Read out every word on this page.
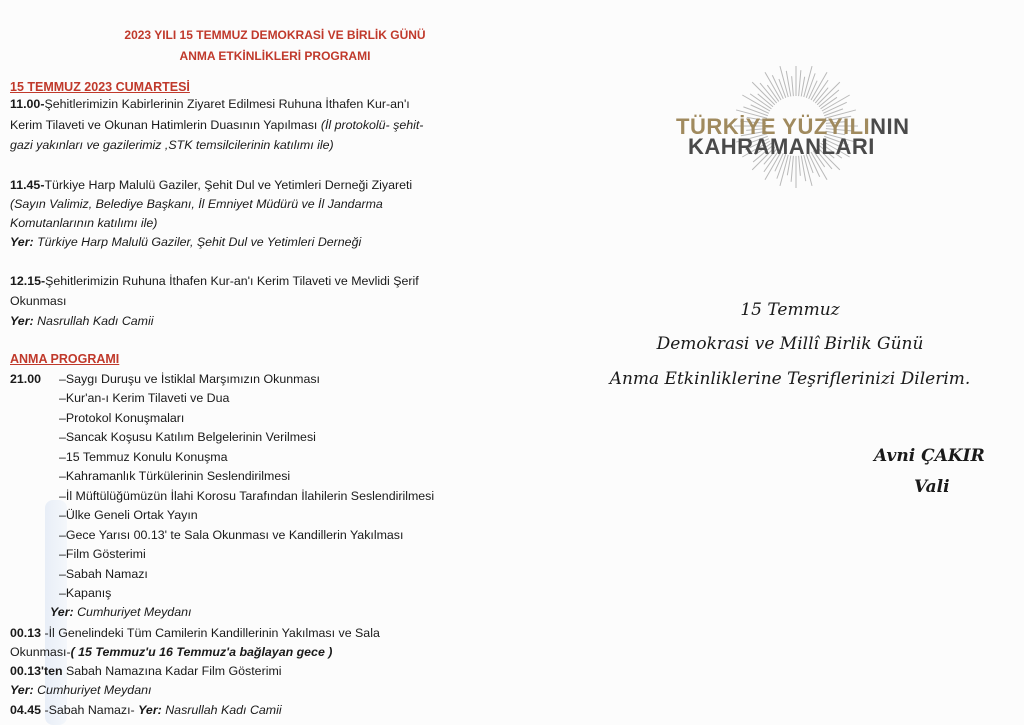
2023 YILI 15 TEMMUZ DEMOKRASİ VE BİRLİK GÜNÜ

ANMA ETKİNLİKLERİ PROGRAMI

15 TEMMUZ 2023 CUMARTESİ

11.00-Şehitlerimizin Kabirlerinin Ziyaret Edilmesi Ruhuna İthafen Kur-an'ı

Kerim Tilaveti ve Okunan Hatimlerin Duasının Yapılması (İl protokolü- şehit-

gazi yakınları ve gazilerimiz ,STK temsilcilerinin katılımı ile)

11.45-Türkiye Harp Malulü Gaziler, Şehit Dul ve Yetimleri Derneği Ziyareti

(Sayın Valimiz, Belediye Başkanı, İl Emniyet Müdürü ve İl Jandarma

Komutanlarının katılımı ile)

Yer: Türkiye Harp Malulü Gaziler, Şehit Dul ve Yetimleri Derneği

12.15-Şehitlerimizin Ruhuna İthafen Kur-an'ı Kerim Tilaveti ve Mevlidi Şerif

Okunması

Yer: Nasrullah Kadı Camii

ANMA PROGRAMI

21.00 –Saygı Duruşu ve İstiklal Marşımızın Okunması
–Kur'an-ı Kerim Tilaveti ve Dua
–Protokol Konuşmaları
–Sancak Koşusu Katılım Belgelerinin Verilmesi
–15 Temmuz Konulu Konuşma
–Kahramanlık Türkülerinin Seslendirilmesi
–İl Müftülüğümüzün İlahi Korosu Tarafından İlahilerin Seslendirilmesi
–Ülke Geneli Ortak Yayın
–Gece Yarısı 00.13' te Sala Okunması ve Kandillerin Yakılması
–Film Gösterimi
–Sabah Namazı
–Kapanış

Yer: Cumhuriyet Meydanı

00.13 -İl Genelindeki Tüm Camilerin Kandillerinin Yakılması ve Sala

Okunması-( 15 Temmuz'u 16 Temmuz'a bağlayan gece )

00.13'ten Sabah Namazına Kadar Film Gösterimi

Yer: Cumhuriyet Meydanı

04.45 -Sabah Namazı- Yer: Nasrullah Kadı Camii

TÜRKİYE YÜZYILININ
KAHRAMANLARI

15 Temmuz

Demokrasi ve Millî Birlik Günü

Anma Etkinliklerine Teşriflerinizi Dilerim.

Avni ÇAKIR

Vali
